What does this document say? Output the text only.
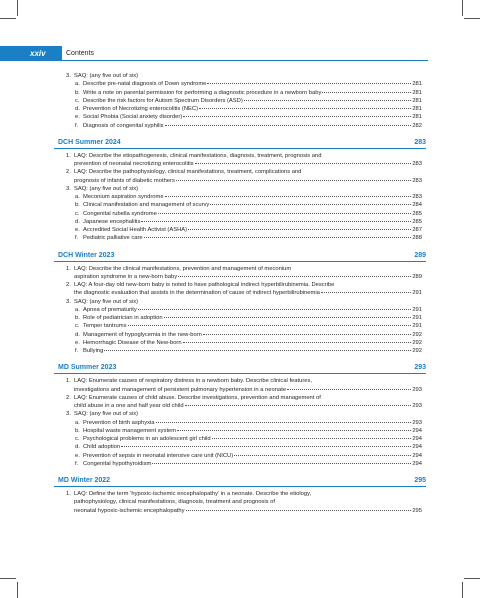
xxiv	Contents
3. SAQ: (any five out of six)
a. Describe pre-natal diagnosis of Down syndrome	281
b. Write a note on parental permission for performing a diagnostic procedure in a newborn baby	281
c. Describe the risk factors for Autism Spectrum Disorders (ASD)	281
d. Prevention of Necrotizing enterocolitis (NEC)	281
e. Social Phobia (Social anxiety disorder)	281
f. Diagnosis of congenital syphilis	282
DCH Summer 2024	283
1. LAQ: Describe the etiopathogenesis, clinical manifestations, diagnosis, treatment, prognosis and
prevention of neonatal necrotizing enterocolitis	283
2. LAQ: Describe the pathophysiology, clinical manifestations, treatment, complications and
prognosis of infants of diabetic mothers	283
3. SAQ: (any five out of six)
a. Meconium aspiration syndrome	283
b. Clinical manifestation and management of scurvy	284
c. Congenital rubella syndrome	285
d. Japanese encephalitis	285
e. Accredited Social Health Activist (ASHA)	287
f. Pediatric palliative care	288
DCH Winter 2023	289
1. LAQ: Describe the clinical manifestations, prevention and management of meconium
aspiration syndrome in a new-born baby	289
2. LAQ: A four-day old new-born baby is noted to have pathological indirect hyperbilirubinemia. Describe
the diagnostic evaluation that assists in the determination of cause of indirect hyperbilirubinemia	291
3. SAQ: (any five out of six)
a. Apnea of prematurity	291
b. Role of pediatrician in adoption	291
c. Temper tantrums	291
d. Management of hypoglycemia in the new-born	292
e. Hemorrhagic Disease of the New-born	292
f. Bullying	292
MD Summer 2023	293
1. LAQ: Enumerate causes of respiratory distress in a newborn baby. Describe clinical features,
investigations and management of persistent pulmonary hypertension in a neonate	293
2. LAQ: Enumerate causes of child abuse. Describe investigations, prevention and management of
child abuse in a one and half year old child	293
3. SAQ: (any five out of six)
a. Prevention of birth asphyxia	293
b. Hospital waste management system	294
c. Psychological problems in an adolescent girl child	294
d. Child adoption	294
e. Prevention of sepsis in neonatal intensive care unit (NICU)	294
f. Congenital hypothyroidism	294
MD Winter 2022	295
1. LAQ: Define the term ‘hypoxic-ischemic encephalopathy’ in a neonate. Describe the etiology,
pathophysiology, clinical manifestations, diagnosis, treatment and prognosis of
neonatal hypoxic-ischemic encephalopathy	295
